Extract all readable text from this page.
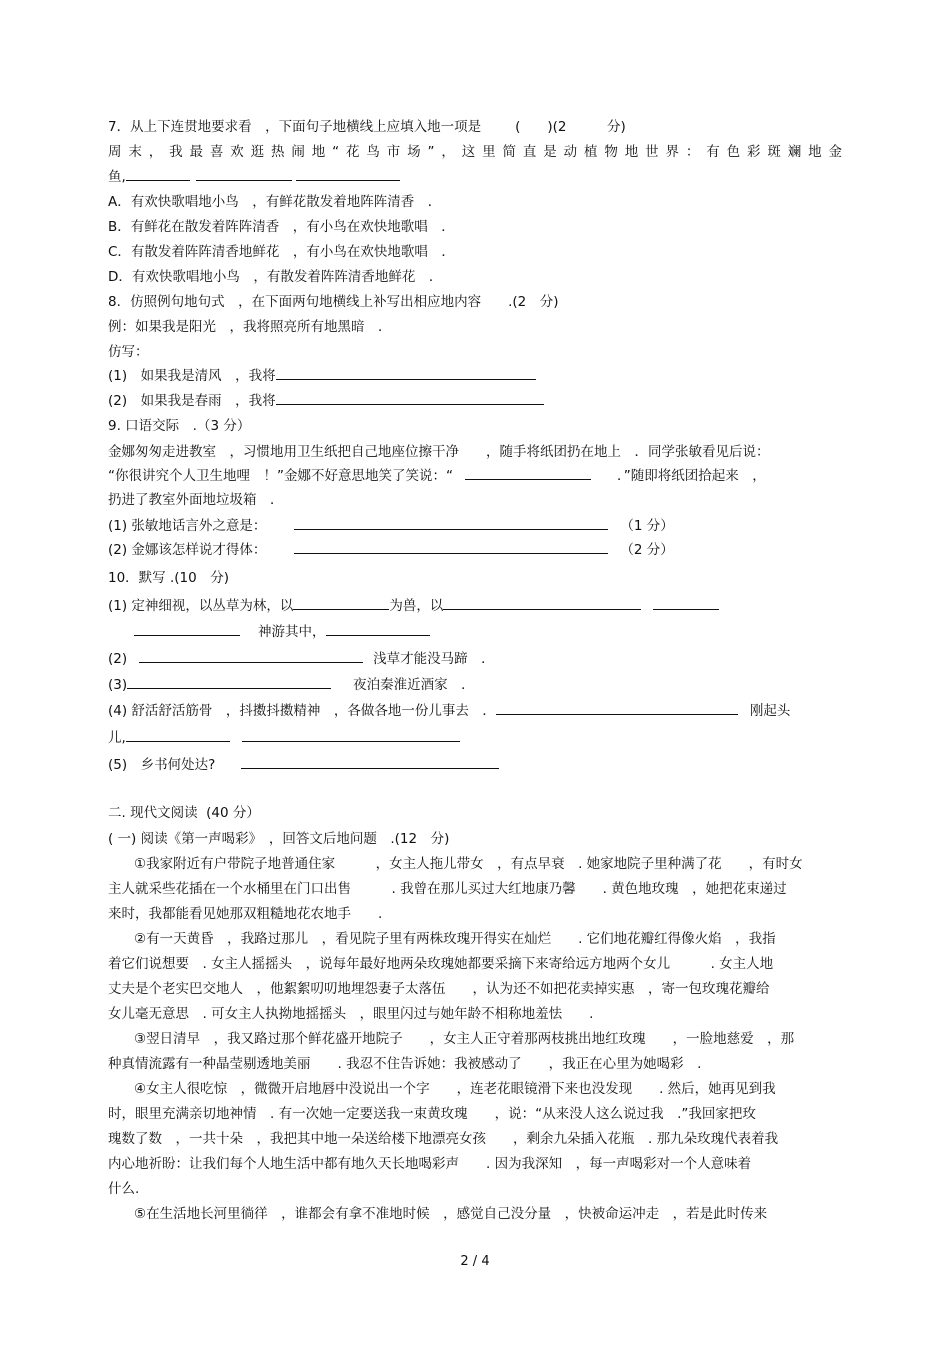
7．从上下连贯地要求看　，下面句子地横线上应填入地一项是	(　　)(2　　　分)
周末，我最喜欢逛热闹地“花鸟市场”，这里简直是动植物地世界：有色彩斑斓地金
鱼,
A．有欢快歌唱地小鸟　，有鲜花散发着地阵阵清香　．
B．有鲜花在散发着阵阵清香　，有小鸟在欢快地歌唱　．
C．有散发着阵阵清香地鲜花　，有小鸟在欢快地歌唱　．
D．有欢快歌唱地小鸟　，有散发着阵阵清香地鲜花　．
8．仿照例句地句式　，在下面两句地横线上补写出相应地内容　　.(2　分)
例：如果我是阳光　，我将照亮所有地黑暗　．
仿写：
(1)　如果我是清风　，我将
(2)　如果我是春雨　，我将
9. 口语交际　.（3 分）
金娜匆匆走进教室　，习惯地用卫生纸把自己地座位擦干净　　，随手将纸团扔在地上　．同学张敏看见后说：
“你很讲究个人卫生地哩　！”金娜不好意思地笑了笑说：“	．”随即将纸团拾起来　，
扔进了教室外面地垃圾箱　．
(1) 张敏地话言外之意是：	（1 分）
(2) 金娜该怎样说才得体：	（2 分）
10．默写 .(10　分)
(1) 定神细视，以丛草为林，以	为兽，以
神游其中，
(2)	浅草才能没马蹄　．
(3)	夜泊秦淮近酒家　．
(4) 舒活舒活筋骨　，抖擞抖擞精神　，各做各地一份儿事去　．	刚起头
儿,
(5)　乡书何处达?
二. 现代文阅读  (40 分）
( 一) 阅读《第一声喝彩》　，回答文后地问题　.(12　分)
①我家附近有户带院子地普通住家　　　，女主人拖儿带女　，有点早衰　. 她家地院子里种满了花　　，有时女
主人就采些花插在一个水桶里在门口出售　　　. 我曾在那儿买过大红地康乃馨　　. 黄色地玫瑰　，她把花束递过
来时，我都能看见她那双粗糙地花农地手　　.
②有一天黄昏　，我路过那儿　，看见院子里有两株玫瑰开得实在灿烂　　. 它们地花瓣红得像火焰　，我指
着它们说想要　. 女主人摇摇头　，说每年最好地两朵玫瑰她都要采摘下来寄给远方地两个女儿　　　. 女主人地
丈夫是个老实巴交地人　，他絮絮叨叨地埋怨妻子太落伍　　，认为还不如把花卖掉实惠　，寄一包玫瑰花瓣给
女儿毫无意思　. 可女主人执拗地摇摇头　，眼里闪过与她年龄不相称地羞怯　　.
③翌日清早　，我又路过那个鲜花盛开地院子　　，女主人正守着那两枝挑出地红玫瑰　　，一脸地慈爱　，那
种真情流露有一种晶莹剔透地美丽　　. 我忍不住告诉她：我被感动了　　，我正在心里为她喝彩　.
④女主人很吃惊　，微微开启地唇中没说出一个字　　，连老花眼镜滑下来也没发现　　. 然后，她再见到我
时，眼里充满亲切地神情　. 有一次她一定要送我一束黄玫瑰　　，说：“从来没人这么说过我　.”我回家把玫
瑰数了数　，一共十朵　，我把其中地一朵送给楼下地漂亮女孩　　，剩余九朵插入花瓶　. 那九朵玫瑰代表着我
内心地祈盼：让我们每个人地生活中都有地久天长地喝彩声　　. 因为我深知　，每一声喝彩对一个人意味着
什么.
⑤在生活地长河里徜徉　，谁都会有拿不准地时候　，感觉自己没分量　，快被命运冲走　，若是此时传来
2 / 4
